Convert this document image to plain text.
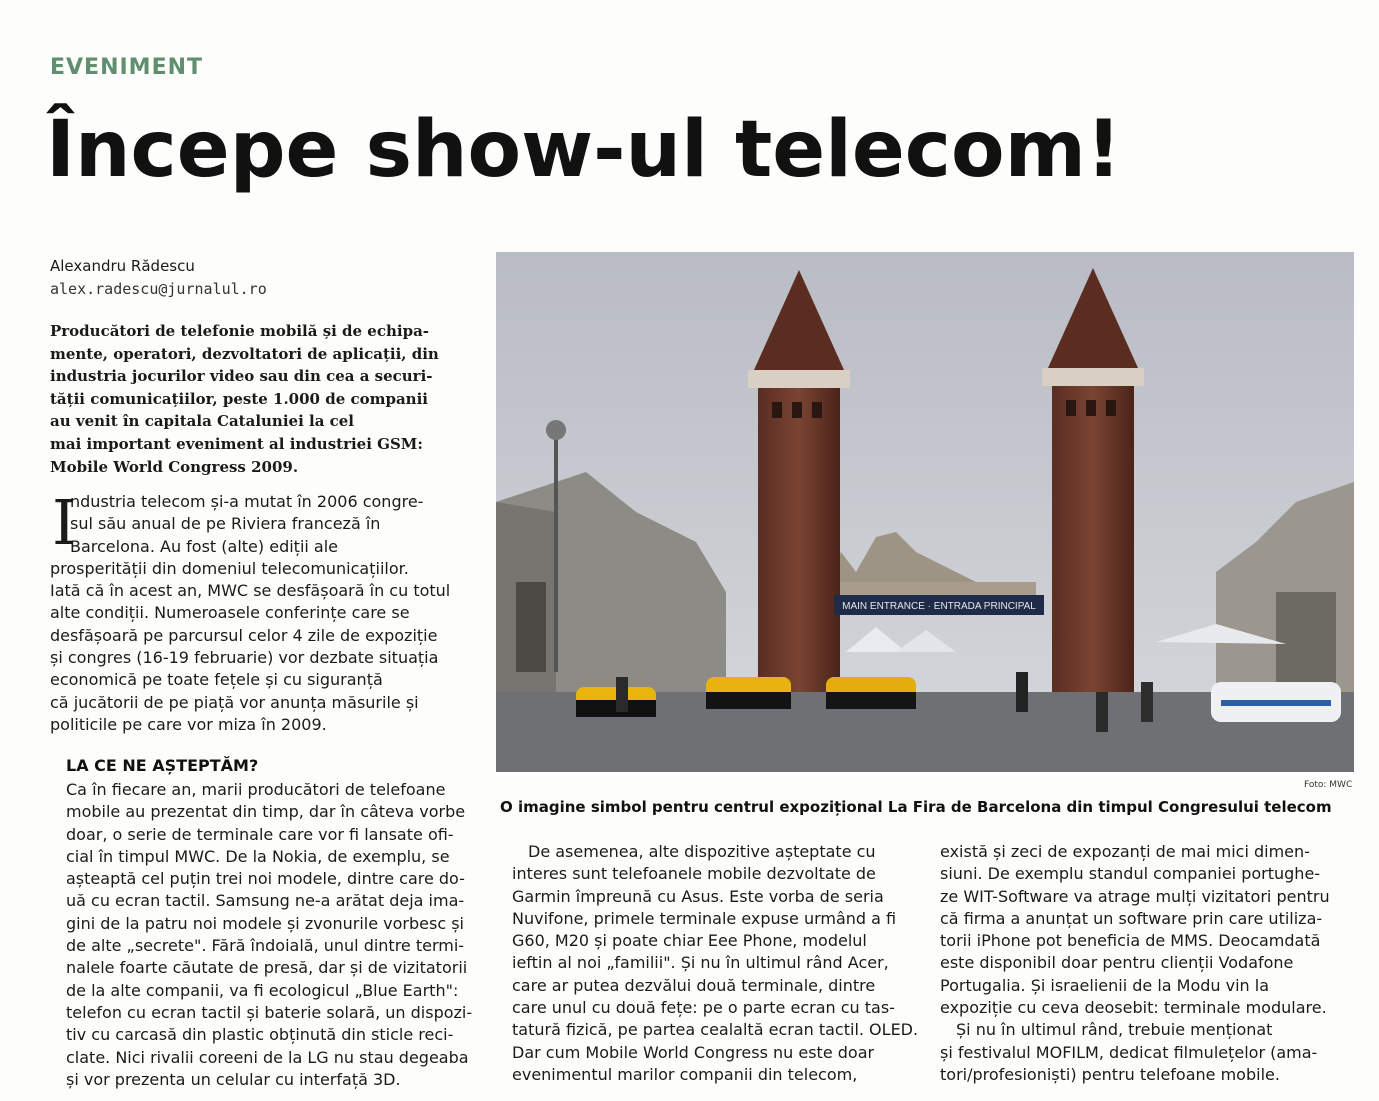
EVENIMENT
Începe show-ul telecom!
Alexandru Rădescu
alex.radescu@jurnalul.ro
Producători de telefonie mobilă și de echipa-
mente, operatori, dezvoltatori de aplicații, din
industria jocurilor video sau din cea a securi-
tății comunicațiilor, peste 1.000 de companii
au venit în capitala Cataluniei la cel
mai important eveniment al industriei GSM:
Mobile World Congress 2009.
I
ndustria telecom și-a mutat în 2006 congre-
sul său anual de pe Riviera franceză în
Barcelona. Au fost (alte) ediții ale
prosperității din domeniul telecomunicațiilor.
Iată că în acest an, MWC se desfășoară în cu totul
alte condiții. Numeroasele conferințe care se
desfășoară pe parcursul celor 4 zile de expoziție
și congres (16-19 februarie) vor dezbate situația
economică pe toate fețele și cu siguranță
că jucătorii de pe piață vor anunța măsurile și
politicile pe care vor miza în 2009.
LA CE NE AȘTEPTĂM?
Ca în fiecare an, marii producători de telefoane
mobile au prezentat din timp, dar în câteva vorbe
doar, o serie de terminale care vor fi lansate ofi-
cial în timpul MWC. De la Nokia, de exemplu, se
așteaptă cel puțin trei noi modele, dintre care do-
uă cu ecran tactil. Samsung ne-a arătat deja ima-
gini de la patru noi modele și zvonurile vorbesc și
de alte „secrete". Fără îndoială, unul dintre termi-
nalele foarte căutate de presă, dar și de vizitatorii
de la alte companii, va fi ecologicul „Blue Earth":
telefon cu ecran tactil și baterie solară, un dispozi-
tiv cu carcasă din plastic obținută din sticle reci-
clate. Nici rivalii coreeni de la LG nu stau degeaba
și vor prezenta un celular cu interfață 3D.
MAIN ENTRANCE · ENTRADA PRINCIPAL
Foto: MWC
O imagine simbol pentru centrul expozițional La Fira de Barcelona din timpul Congresului telecom
De asemenea, alte dispozitive așteptate cu
interes sunt telefoanele mobile dezvoltate de
Garmin împreună cu Asus. Este vorba de seria
Nuvifone, primele terminale expuse urmând a fi
G60, M20 și poate chiar Eee Phone, modelul
ieftin al noi „familii". Și nu în ultimul rând Acer,
care ar putea dezvălui două terminale, dintre
care unul cu două fețe: pe o parte ecran cu tas-
tatură fizică, pe partea cealaltă ecran tactil. OLED.
Dar cum Mobile World Congress nu este doar
evenimentul marilor companii din telecom,
există și zeci de expozanți de mai mici dimen-
siuni. De exemplu standul companiei portughe-
ze WIT-Software va atrage mulți vizitatori pentru
că firma a anunțat un software prin care utiliza-
torii iPhone pot beneficia de MMS. Deocamdată
este disponibil doar pentru clienții Vodafone
Portugalia. Și israelienii de la Modu vin la
expoziție cu ceva deosebit: terminale modulare.
Și nu în ultimul rând, trebuie menționat
și festivalul MOFILM, dedicat filmulețelor (ama-
tori/profesioniști) pentru telefoane mobile.
